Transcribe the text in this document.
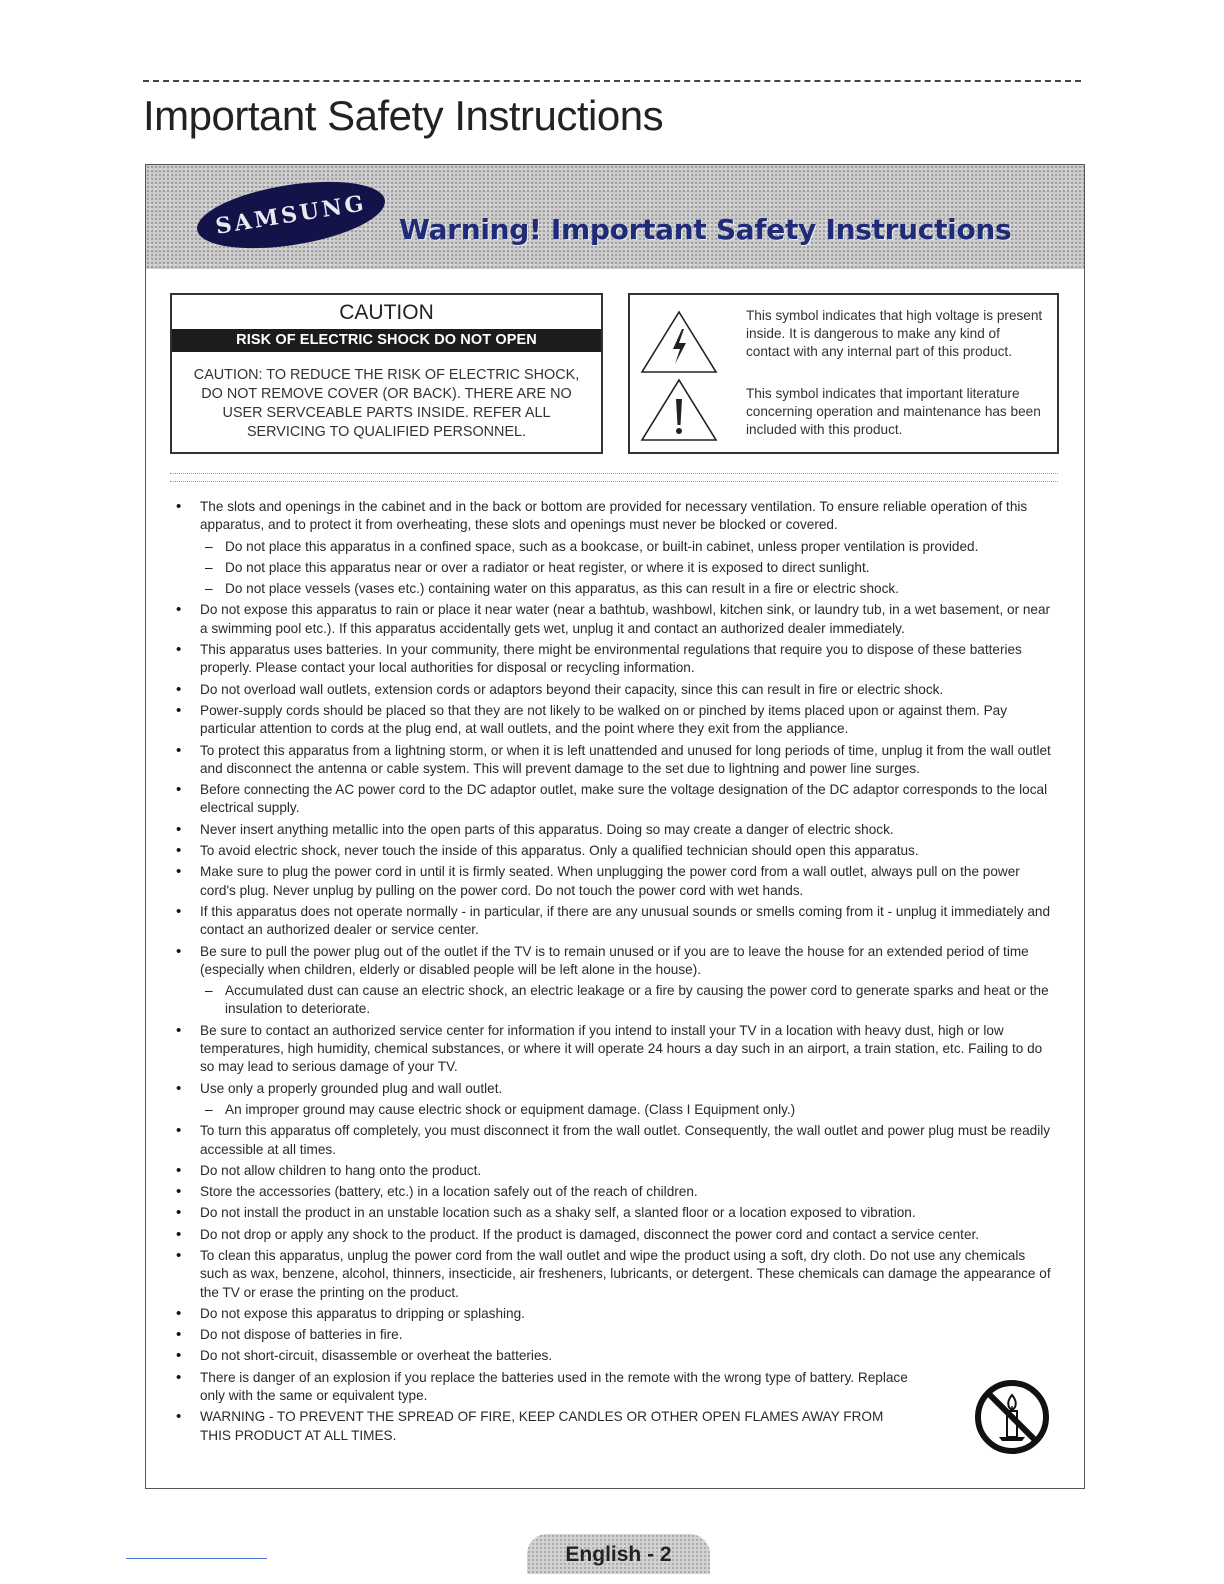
Important Safety Instructions
SAMSUNG Warning! Important Safety Instructions
CAUTION
RISK OF ELECTRIC SHOCK DO NOT OPEN

CAUTION: TO REDUCE THE RISK OF ELECTRIC SHOCK, DO NOT REMOVE COVER (OR BACK). THERE ARE NO USER SERVCEABLE PARTS INSIDE. REFER ALL SERVICING TO QUALIFIED PERSONNEL.

This symbol indicates that high voltage is present inside. It is dangerous to make any kind of contact with any internal part of this product.

This symbol indicates that important literature concerning operation and maintenance has been included with this product.

• The slots and openings in the cabinet and in the back or bottom are provided for necessary ventilation. To ensure reliable operation of this apparatus, and to protect it from overheating, these slots and openings must never be blocked or covered.
– Do not place this apparatus in a confined space, such as a bookcase, or built-in cabinet, unless proper ventilation is provided.
– Do not place this apparatus near or over a radiator or heat register, or where it is exposed to direct sunlight.
– Do not place vessels (vases etc.) containing water on this apparatus, as this can result in a fire or electric shock.
• Do not expose this apparatus to rain or place it near water (near a bathtub, washbowl, kitchen sink, or laundry tub, in a wet basement, or near a swimming pool etc.). If this apparatus accidentally gets wet, unplug it and contact an authorized dealer immediately.
• This apparatus uses batteries. In your community, there might be environmental regulations that require you to dispose of these batteries properly. Please contact your local authorities for disposal or recycling information.
• Do not overload wall outlets, extension cords or adaptors beyond their capacity, since this can result in fire or electric shock.
• Power-supply cords should be placed so that they are not likely to be walked on or pinched by items placed upon or against them. Pay particular attention to cords at the plug end, at wall outlets, and the point where they exit from the appliance.
• To protect this apparatus from a lightning storm, or when it is left unattended and unused for long periods of time, unplug it from the wall outlet and disconnect the antenna or cable system. This will prevent damage to the set due to lightning and power line surges.
• Before connecting the AC power cord to the DC adaptor outlet, make sure the voltage designation of the DC adaptor corresponds to the local electrical supply.
• Never insert anything metallic into the open parts of this apparatus. Doing so may create a danger of electric shock.
• To avoid electric shock, never touch the inside of this apparatus. Only a qualified technician should open this apparatus.
• Make sure to plug the power cord in until it is firmly seated. When unplugging the power cord from a wall outlet, always pull on the power cord's plug. Never unplug by pulling on the power cord. Do not touch the power cord with wet hands.
• If this apparatus does not operate normally - in particular, if there are any unusual sounds or smells coming from it - unplug it immediately and contact an authorized dealer or service center.
• Be sure to pull the power plug out of the outlet if the TV is to remain unused or if you are to leave the house for an extended period of time (especially when children, elderly or disabled people will be left alone in the house).
– Accumulated dust can cause an electric shock, an electric leakage or a fire by causing the power cord to generate sparks and heat or the insulation to deteriorate.
• Be sure to contact an authorized service center for information if you intend to install your TV in a location with heavy dust, high or low temperatures, high humidity, chemical substances, or where it will operate 24 hours a day such in an airport, a train station, etc. Failing to do so may lead to serious damage of your TV.
• Use only a properly grounded plug and wall outlet.
– An improper ground may cause electric shock or equipment damage. (Class I Equipment only.)
• To turn this apparatus off completely, you must disconnect it from the wall outlet. Consequently, the wall outlet and power plug must be readily accessible at all times.
• Do not allow children to hang onto the product.
• Store the accessories (battery, etc.) in a location safely out of the reach of children.
• Do not install the product in an unstable location such as a shaky self, a slanted floor or a location exposed to vibration.
• Do not drop or apply any shock to the product. If the product is damaged, disconnect the power cord and contact a service center.
• To clean this apparatus, unplug the power cord from the wall outlet and wipe the product using a soft, dry cloth. Do not use any chemicals such as wax, benzene, alcohol, thinners, insecticide, air fresheners, lubricants, or detergent. These chemicals can damage the appearance of the TV or erase the printing on the product.
• Do not expose this apparatus to dripping or splashing.
• Do not dispose of batteries in fire.
• Do not short-circuit, disassemble or overheat the batteries.
• There is danger of an explosion if you replace the batteries used in the remote with the wrong type of battery. Replace only with the same or equivalent type.
• WARNING - TO PREVENT THE SPREAD OF FIRE, KEEP CANDLES OR OTHER OPEN FLAMES AWAY FROM THIS PRODUCT AT ALL TIMES.
English - 2
